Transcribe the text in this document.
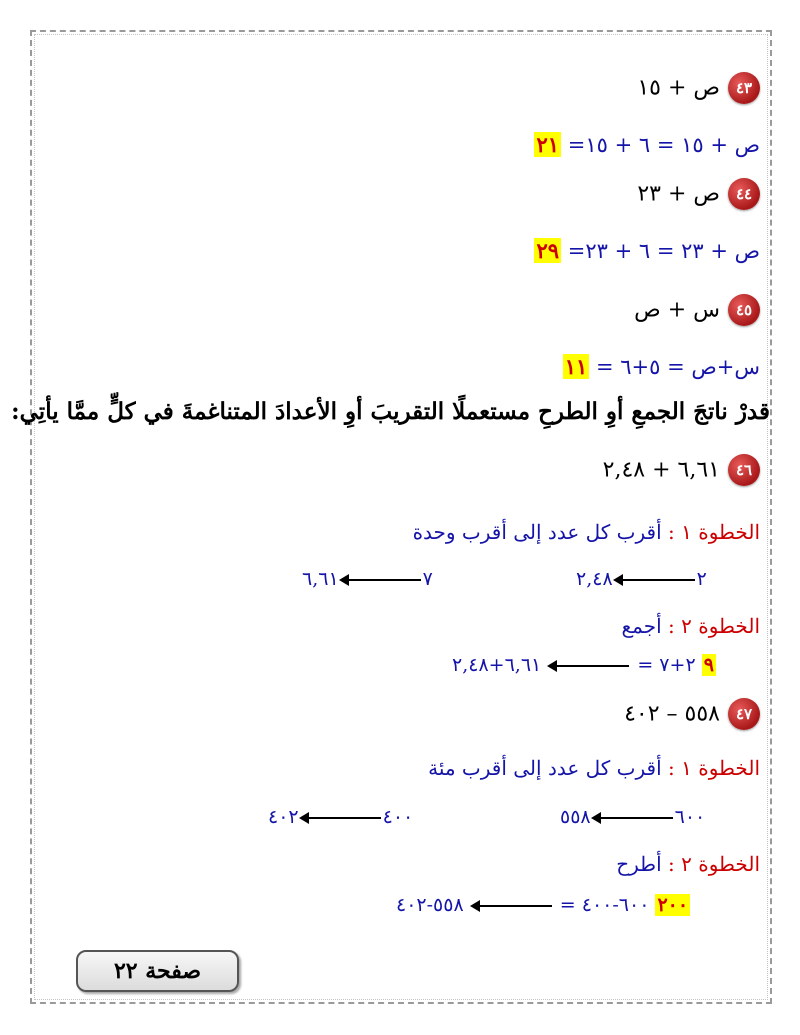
٤٣ص + ١٥
ص + ١٥ = ٦ + ١٥= ٢١
٤٤ص + ٢٣
ص + ٢٣ = ٦ + ٢٣= ٢٩
٤٥س + ص
س+ص = ٥+٦ = ١١
قدرْ ناتجَ الجمعِ أوِ الطرحِ مستعملًا التقريبَ أوِ الأعدادَ المتناغمةَ في كلٍّ ممَّا يأتِي:
٤٦٦,٦١ + ٢,٤٨
الخطوة ١ : أقرب كل عدد إلى أقرب وحدة
٢٢,٤٨
٧٦,٦١
الخطوة ٢ : أجمع
٩ ٢+٧ =  ٦,٦١+٢,٤٨
٤٧٥٥٨ – ٤٠٢
الخطوة ١ : أقرب كل عدد إلى أقرب مئة
٦٠٠٥٥٨
٤٠٠٤٠٢
الخطوة ٢ : أطرح
٢٠٠ ٦٠٠-٤٠٠ =  ٥٥٨-٤٠٢
صفحة ٢٢
